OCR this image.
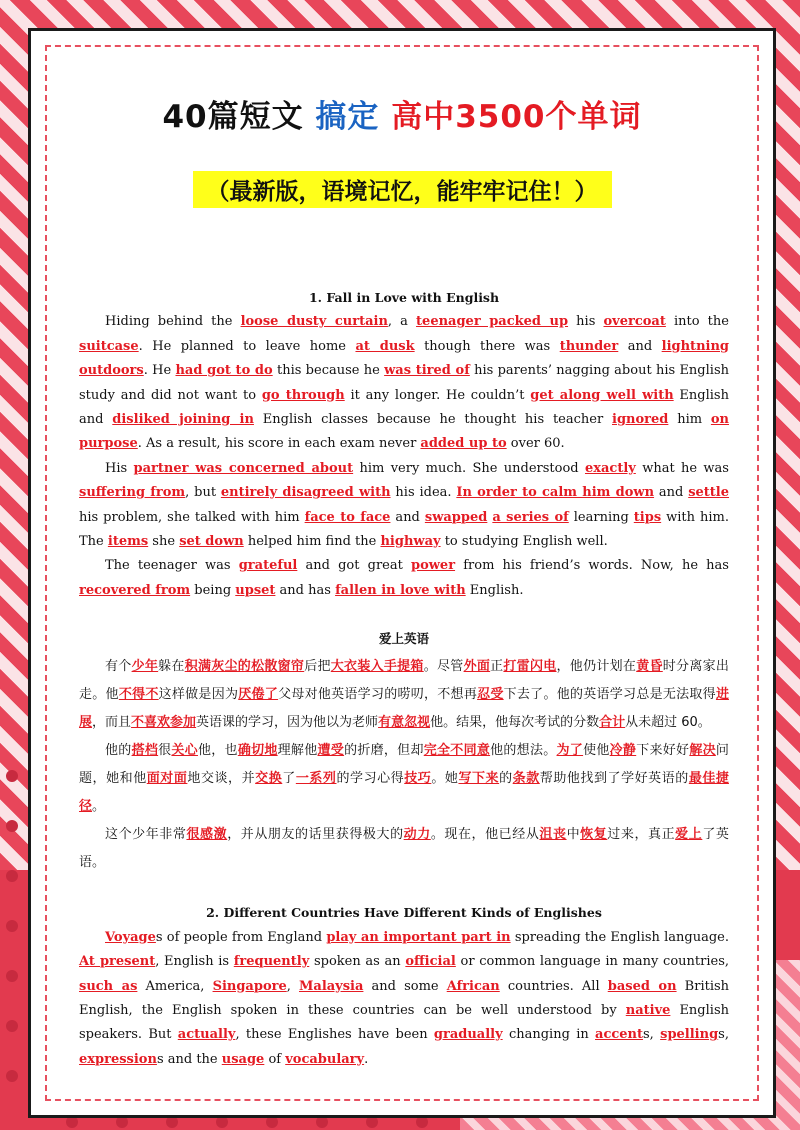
40篇短文 搞定 高中3500个单词
（最新版，语境记忆，能牢牢记住！）
1. Fall in Love with English

Hiding behind the loose dusty curtain, a teenager packed up his overcoat into the suitcase. He planned to leave home at dusk though there was thunder and lightning outdoors. He had got to do this because he was tired of his parents’ nagging about his English study and did not want to go through it any longer. He couldn’t get along well with English and disliked joining in English classes because he thought his teacher ignored him on purpose. As a result, his score in each exam never added up to over 60.

His partner was concerned about him very much. She understood exactly what he was suffering from, but entirely disagreed with his idea. In order to calm him down and settle his problem, she talked with him face to face and swapped a series of learning tips with him. The items she set down helped him find the highway to studying English well.

The teenager was grateful and got great power from his friend’s words. Now, he has recovered from being upset and has fallen in love with English.

爱上英语

有个少年躲在积满灰尘的松散窗帘后把大衣装入手提箱。尽管外面正打雷闪电，他仍计划在黄昏时分离家出走。他不得不这样做是因为厌倦了父母对他英语学习的唠叨，不想再忍受下去了。他的英语学习总是无法取得进展，而且不喜欢参加英语课的学习，因为他以为老师有意忽视他。结果，他每次考试的分数合计从未超过 60。

他的搭档很关心他，也确切地理解他遭受的折磨，但却完全不同意他的想法。为了使他冷静下来好好解决问题，她和他面对面地交谈，并交换了一系列的学习心得技巧。她写下来的条款帮助他找到了学好英语的最佳捷径。

这个少年非常很感激，并从朋友的话里获得极大的动力。现在，他已经从沮丧中恢复过来，真正爱上了英语。

2. Different Countries Have Different Kinds of Englishes

Voyages of people from England play an important part in spreading the English language. At present, English is frequently spoken as an official or common language in many countries, such as America, Singapore, Malaysia and some African countries. All based on British English, the English spoken in these countries can be well understood by native English speakers. But actually, these Englishes have been gradually changing in accents, spellings, expressions and the usage of vocabulary.
